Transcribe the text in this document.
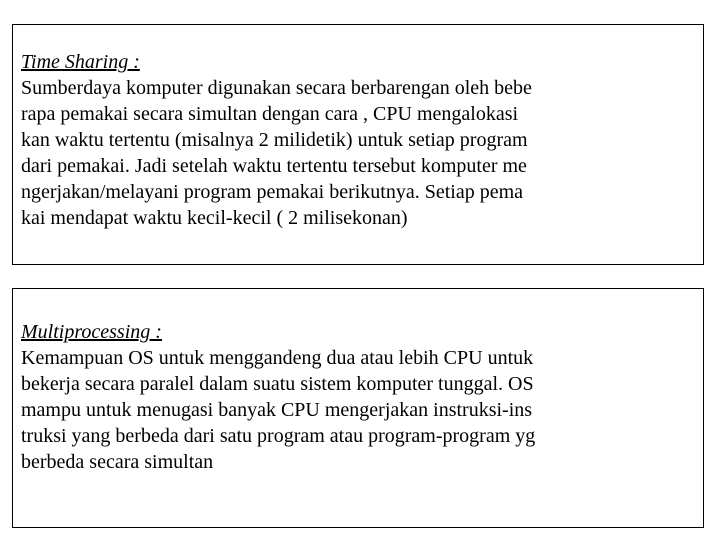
Time Sharing :
Sumberdaya komputer digunakan secara berbarengan oleh bebe
rapa pemakai secara simultan dengan cara , CPU mengalokasi
kan waktu tertentu (misalnya 2 milidetik) untuk setiap program
dari pemakai. Jadi setelah waktu tertentu tersebut komputer me
ngerjakan/melayani program pemakai berikutnya. Setiap pema
kai mendapat waktu kecil-kecil ( 2 milisekonan)
Multiprocessing :
Kemampuan OS untuk menggandeng dua atau lebih CPU untuk
bekerja secara paralel dalam suatu sistem komputer tunggal. OS
mampu untuk menugasi banyak CPU mengerjakan instruksi-ins
truksi yang berbeda dari satu program atau program-program yg
berbeda secara simultan
